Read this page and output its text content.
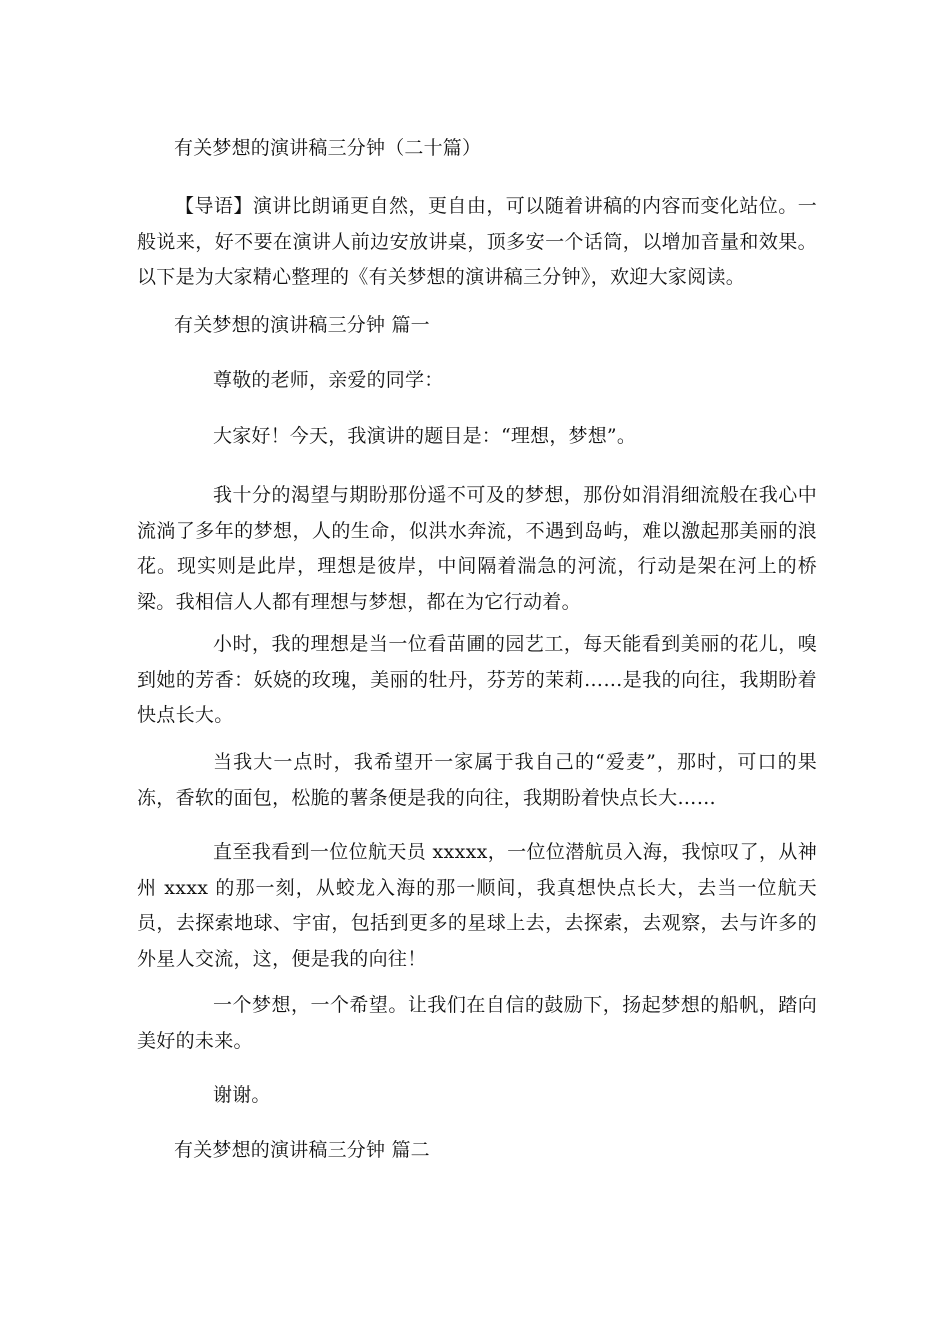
有关梦想的演讲稿三分钟（二十篇）
【导语】演讲比朗诵更自然，更自由，可以随着讲稿的内容而变化站位。一般说来，好不要在演讲人前边安放讲桌，顶多安一个话筒，以增加音量和效果。以下是为大家精心整理的《有关梦想的演讲稿三分钟》，欢迎大家阅读。
有关梦想的演讲稿三分钟 篇一
尊敬的老师，亲爱的同学：
大家好！今天，我演讲的题目是：“理想，梦想”。
我十分的渴望与期盼那份遥不可及的梦想，那份如涓涓细流般在我心中流淌了多年的梦想，人的生命，似洪水奔流，不遇到岛屿，难以激起那美丽的浪花。现实则是此岸，理想是彼岸，中间隔着湍急的河流，行动是架在河上的桥梁。我相信人人都有理想与梦想，都在为它行动着。
小时，我的理想是当一位看苗圃的园艺工，每天能看到美丽的花儿，嗅到她的芳香：妖娆的玫瑰，美丽的牡丹，芬芳的茉莉……是我的向往，我期盼着快点长大。
当我大一点时，我希望开一家属于我自己的“爱麦”，那时，可口的果冻，香软的面包，松脆的薯条便是我的向往，我期盼着快点长大……
直至我看到一位位航天员 xxxxx，一位位潜航员入海，我惊叹了，从神州 xxxx 的那一刻，从蛟龙入海的那一顺间，我真想快点长大，去当一位航天员，去探索地球、宇宙，包括到更多的星球上去，去探索，去观察，去与许多的外星人交流，这，便是我的向往！
一个梦想，一个希望。让我们在自信的鼓励下，扬起梦想的船帆，踏向美好的未来。
谢谢。
有关梦想的演讲稿三分钟 篇二
